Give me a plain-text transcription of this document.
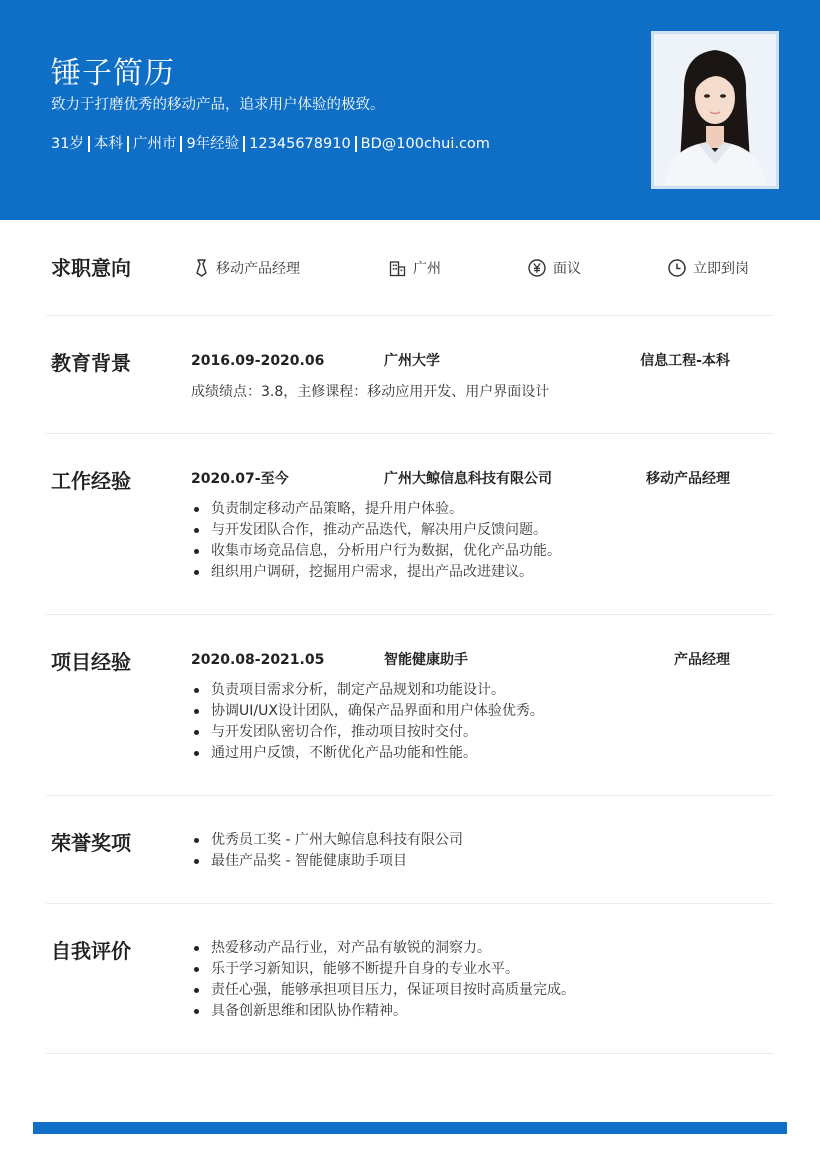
锤子简历
致力于打磨优秀的移动产品，追求用户体验的极致。
31岁 本科 广州市 9年经验 12345678910 BD@100chui.com
求职意向	移动产品经理	广州	面议	立即到岗
教育背景	2016.09-2020.06	广州大学	信息工程-本科
成绩绩点：3.8，主修课程：移动应用开发、用户界面设计
工作经验	2020.07-至今	广州大鲸信息科技有限公司	移动产品经理
负责制定移动产品策略，提升用户体验。
与开发团队合作，推动产品迭代，解决用户反馈问题。
收集市场竞品信息，分析用户行为数据，优化产品功能。
组织用户调研，挖掘用户需求，提出产品改进建议。
项目经验	2020.08-2021.05	智能健康助手	产品经理
负责项目需求分析，制定产品规划和功能设计。
协调UI/UX设计团队，确保产品界面和用户体验优秀。
与开发团队密切合作，推动项目按时交付。
通过用户反馈，不断优化产品功能和性能。
荣誉奖项	优秀员工奖 - 广州大鲸信息科技有限公司
最佳产品奖 - 智能健康助手项目
自我评价	热爱移动产品行业，对产品有敏锐的洞察力。
乐于学习新知识，能够不断提升自身的专业水平。
责任心强，能够承担项目压力，保证项目按时高质量完成。
具备创新思维和团队协作精神。
